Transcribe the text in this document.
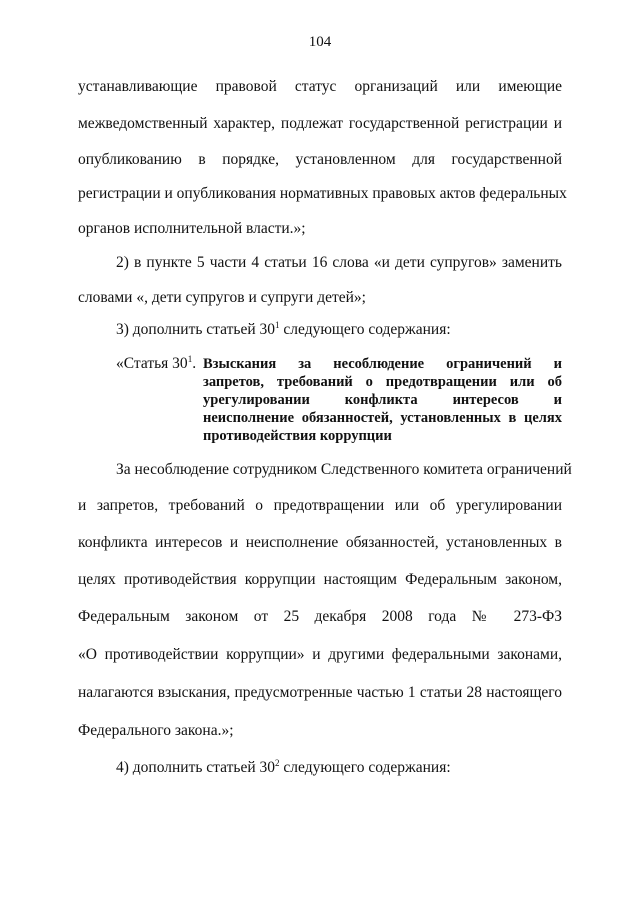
104
устанавливающие правовой статус организаций или имеющие
межведомственный характер, подлежат государственной регистрации и
опубликованию в порядке, установленном для государственной
регистрации и опубликования нормативных правовых актов федеральных
органов исполнительной власти.»;
2) в пункте 5 части 4 статьи 16 слова «и дети супругов» заменить
словами «, дети супругов и супруги детей»;
3) дополнить статьей $30^1$ следующего содержания:
«Статья $30^1$. Взыскания за несоблюдение ограничений и
запретов, требований о предотвращении или об
урегулировании конфликта интересов и
неисполнение обязанностей, установленных в целях
противодействия коррупции
За несоблюдение сотрудником Следственного комитета ограничений
и запретов, требований о предотвращении или об урегулировании
конфликта интересов и неисполнение обязанностей, установленных в
целях противодействия коррупции настоящим Федеральным законом,
Федеральным законом от 25 декабря 2008 года № 273-ФЗ
«О противодействии коррупции» и другими федеральными законами,
налагаются взыскания, предусмотренные частью 1 статьи 28 настоящего
Федерального закона.»;
4) дополнить статьей $30^2$ следующего содержания:
